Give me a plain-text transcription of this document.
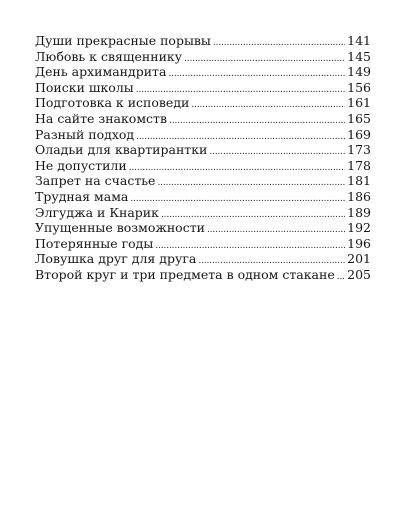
Души прекрасные порывы . . .	141
Любовь к священнику . . .	145
День архимандрита . . .	149
Поиски школы . . .	156
Подготовка к исповеди . . .	161
На сайте знакомств . . .	165
Разный подход . . .	169
Оладьи для квартирантки . . .	173
Не допустили . . .	178
Запрет на счастье . . .	181
Трудная мама . . .	186
Элгуджа и Кнарик . . .	189
Упущенные возможности . . .	192
Потерянные годы . . .	196
Ловушка друг для друга . . .	201
Второй круг и три предмета в одном стакане . . . 205
